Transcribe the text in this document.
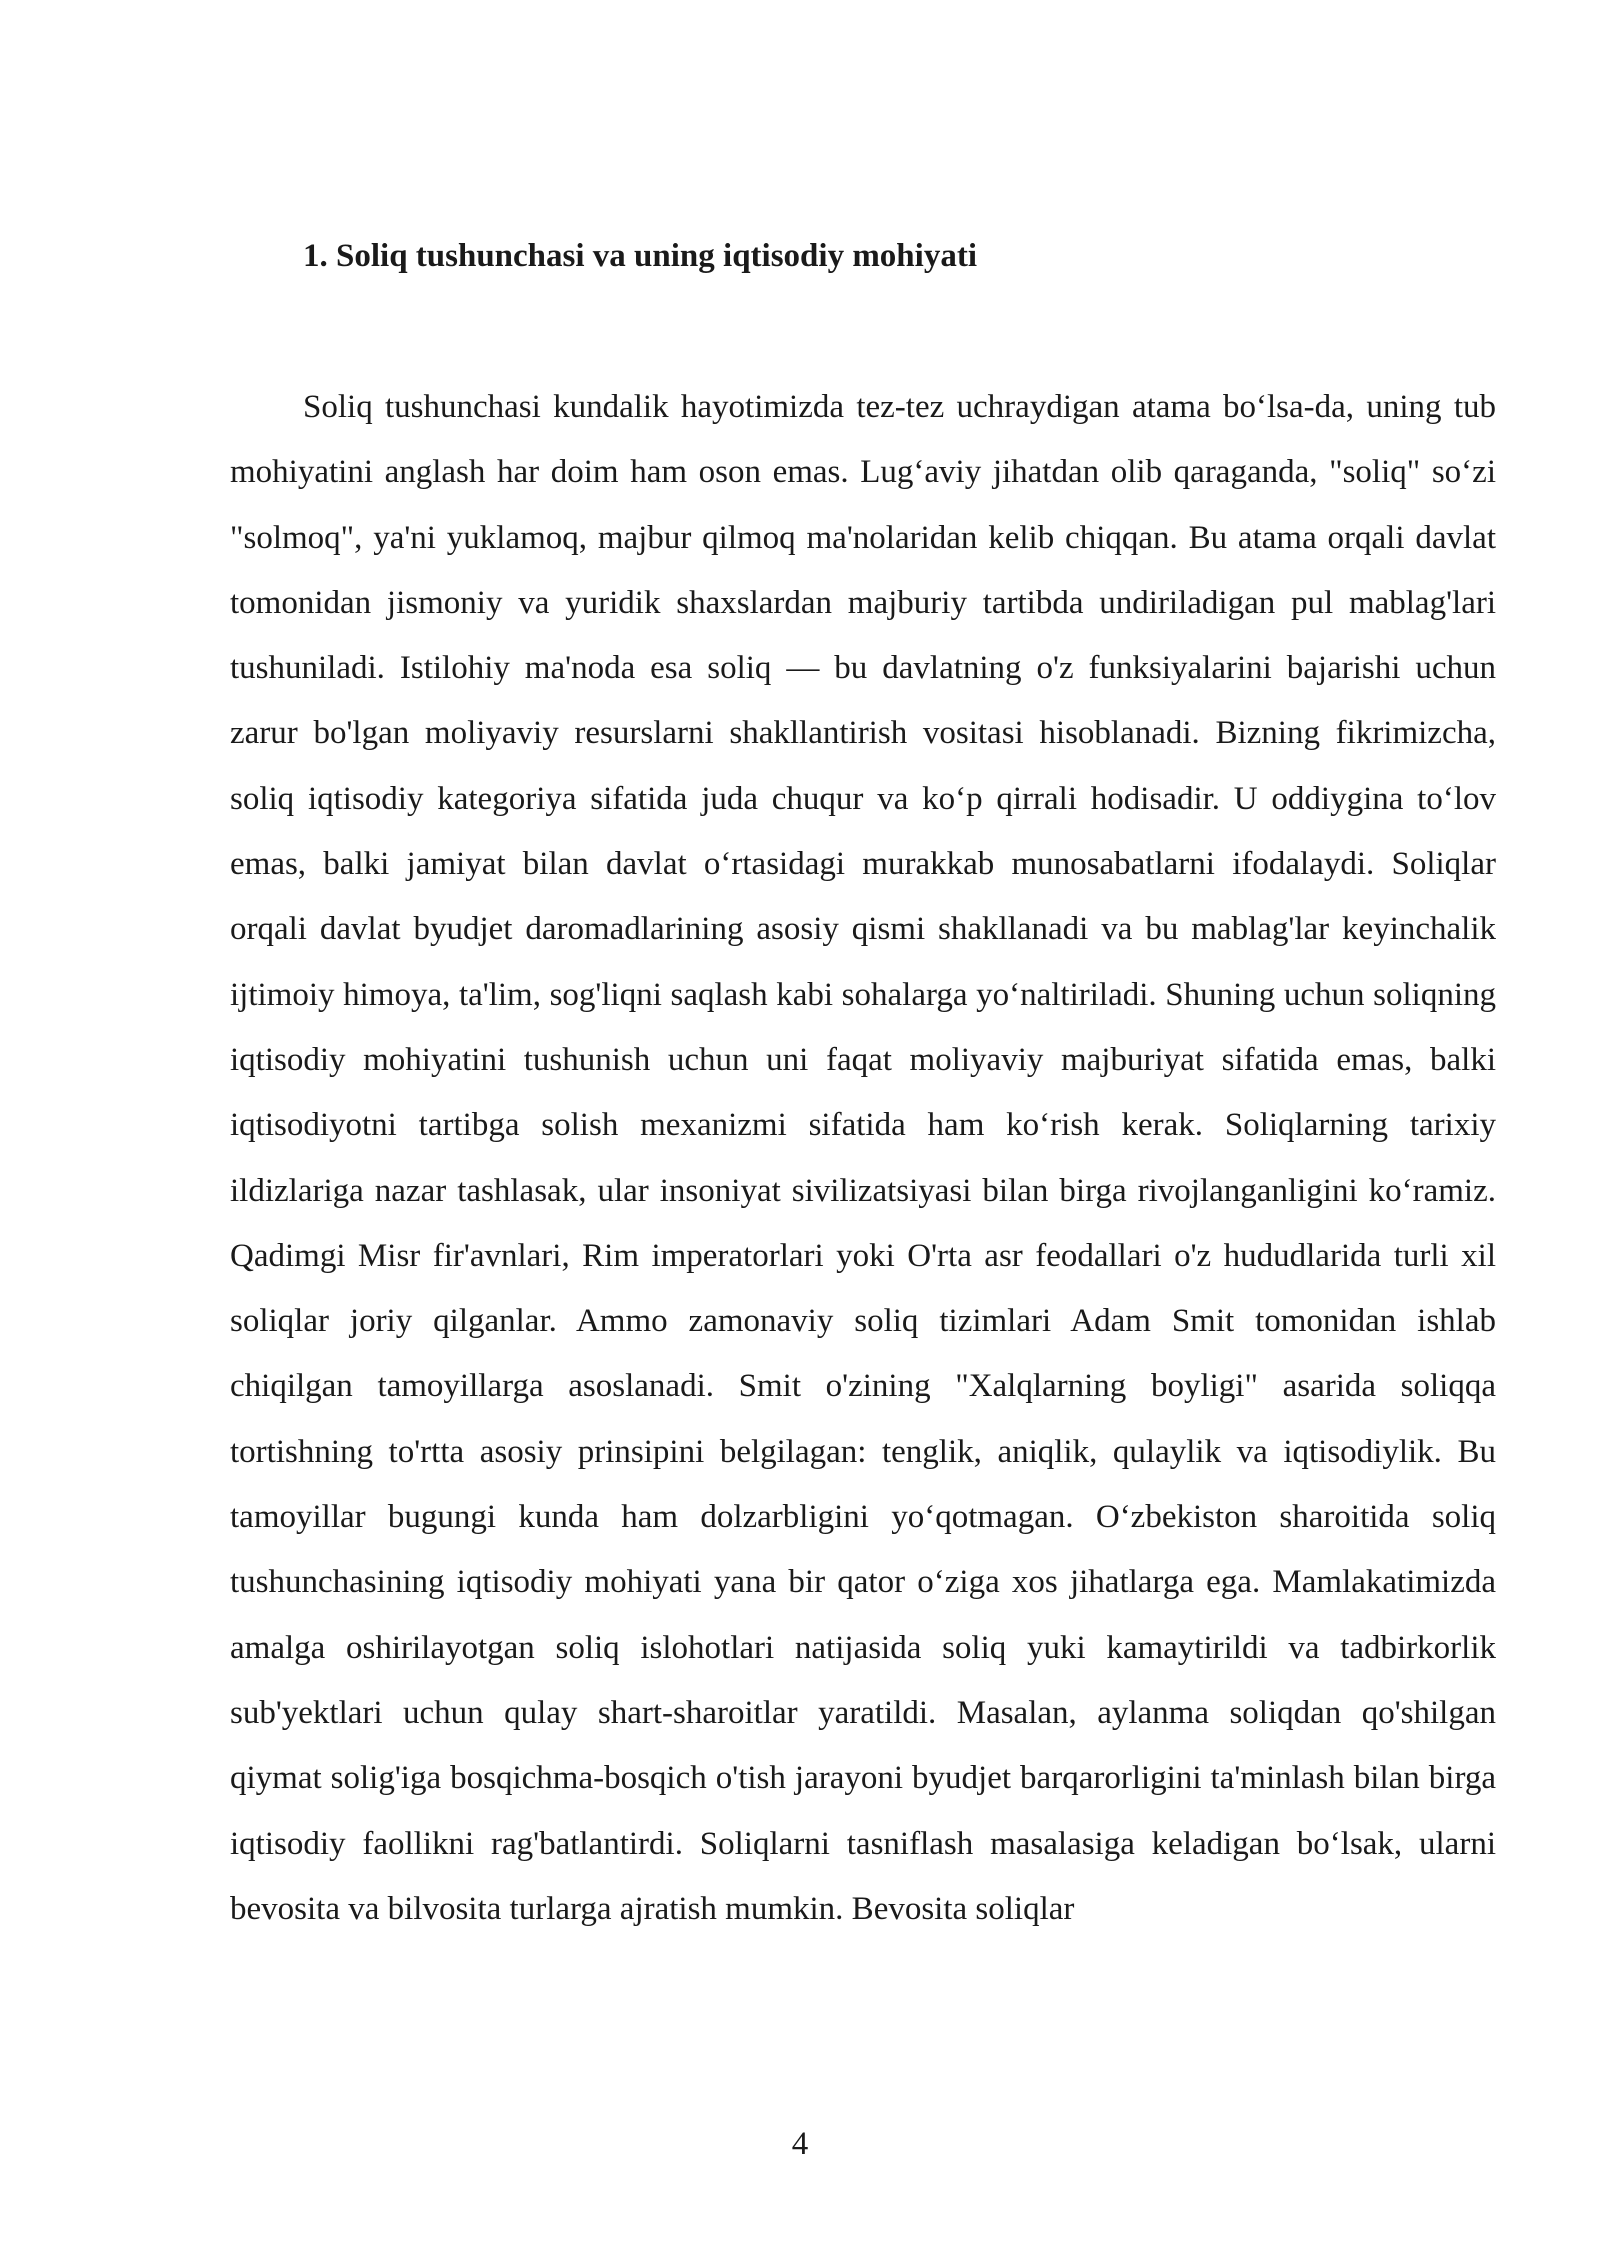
1. Soliq tushunchasi va uning iqtisodiy mohiyati

Soliq tushunchasi kundalik hayotimizda tez-tez uchraydigan atama bo‘lsa-da, uning tub mohiyatini anglash har doim ham oson emas. Lug‘aviy jihatdan olib qaraganda, "soliq" so‘zi "solmoq", ya'ni yuklamoq, majbur qilmoq ma'nolaridan kelib chiqqan. Bu atama orqali davlat tomonidan jismoniy va yuridik shaxslardan majburiy tartibda undiriladigan pul mablag'lari tushuniladi. Istilohiy ma'noda esa soliq — bu davlatning o'z funksiyalarini bajarishi uchun zarur bo'lgan moliyaviy resurslarni shakllantirish vositasi hisoblanadi. Bizning fikrimizcha, soliq iqtisodiy kategoriya sifatida juda chuqur va ko‘p qirrali hodisadir. U oddiygina to‘lov emas, balki jamiyat bilan davlat o‘rtasidagi murakkab munosabatlarni ifodalaydi. Soliqlar orqali davlat byudjet daromadlarining asosiy qismi shakllanadi va bu mablag'lar keyinchalik ijtimoiy himoya, ta'lim, sog'liqni saqlash kabi sohalarga yo‘naltiriladi. Shuning uchun soliqning iqtisodiy mohiyatini tushunish uchun uni faqat moliyaviy majburiyat sifatida emas, balki iqtisodiyotni tartibga solish mexanizmi sifatida ham ko‘rish kerak. Soliqlarning tarixiy ildizlariga nazar tashlasak, ular insoniyat sivilizatsiyasi bilan birga rivojlanganligini ko‘ramiz. Qadimgi Misr fir'avnlari, Rim imperatorlari yoki O'rta asr feodallari o'z hududlarida turli xil soliqlar joriy qilganlar. Ammo zamonaviy soliq tizimlari Adam Smit tomonidan ishlab chiqilgan tamoyillarga asoslanadi. Smit o'zining "Xalqlarning boyligi" asarida soliqqa tortishning to'rtta asosiy prinsipini belgilagan: tenglik, aniqlik, qulaylik va iqtisodiylik. Bu tamoyillar bugungi kunda ham dolzarbligini yo‘qotmagan. O‘zbekiston sharoitida soliq tushunchasining iqtisodiy mohiyati yana bir qator o‘ziga xos jihatlarga ega. Mamlakatimizda amalga oshirilayotgan soliq islohotlari natijasida soliq yuki kamaytirildi va tadbirkorlik sub'yektlari uchun qulay shart-sharoitlar yaratildi. Masalan, aylanma soliqdan qo'shilgan qiymat solig'iga bosqichma-bosqich o'tish jarayoni byudjet barqarorligini ta'minlash bilan birga iqtisodiy faollikni rag'batlantirdi. Soliqlarni tasniflash masalasiga keladigan bo‘lsak, ularni bevosita va bilvosita turlarga ajratish mumkin. Bevosita soliqlar

4
